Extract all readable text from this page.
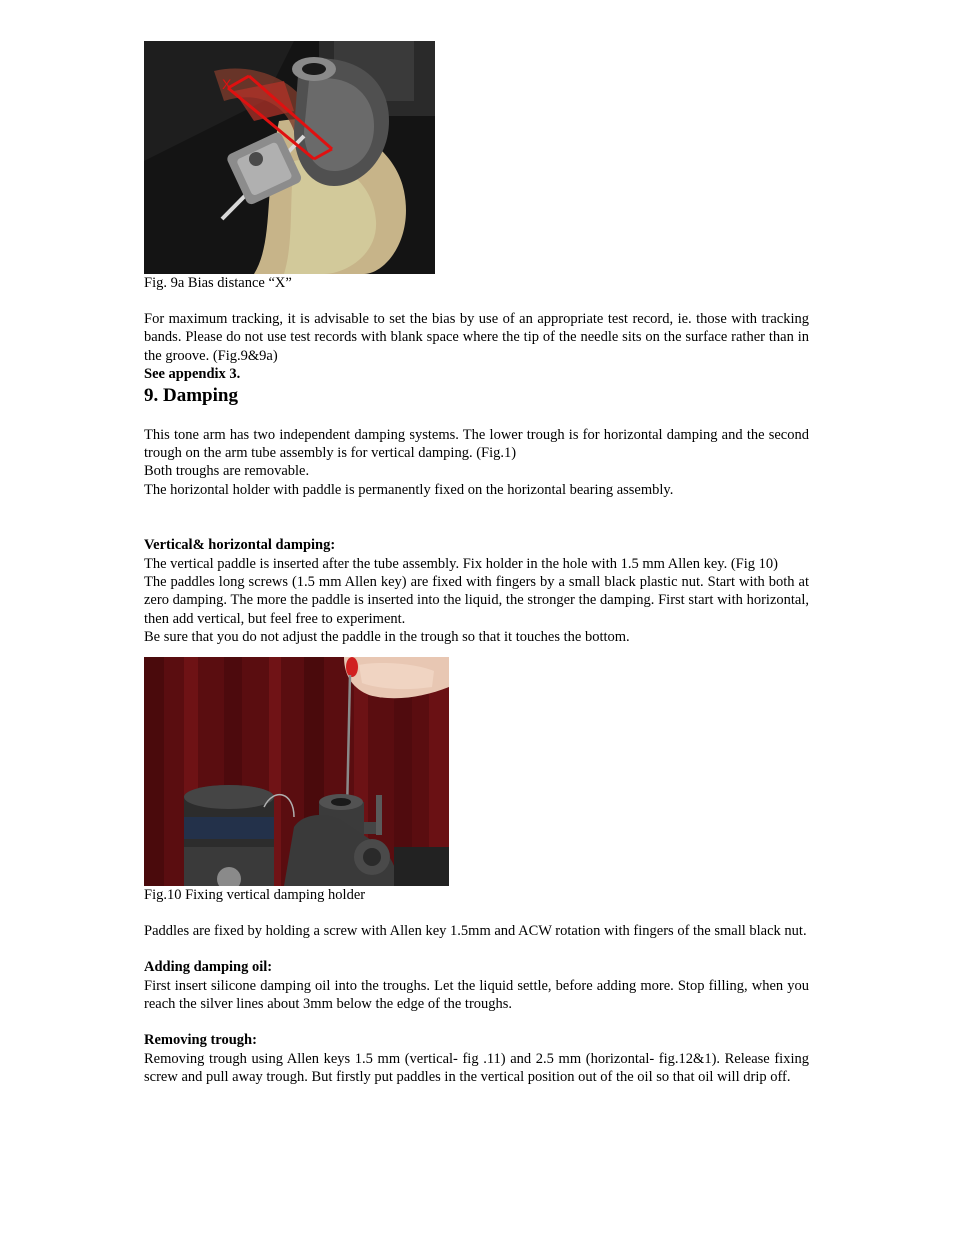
X

Fig. 9a Bias distance “X”

For maximum tracking, it is advisable to set the bias by use of an appropriate test record, ie. those with tracking bands. Please do not use test records with blank space where the tip of the needle sits on the surface rather than in the groove. (Fig.9&9a)

See appendix 3.

9. Damping

This tone arm has two independent damping systems. The lower trough is for horizontal damping and the second trough on the arm tube assembly is for vertical damping. (Fig.1)

Both troughs are removable.

The horizontal holder with paddle is permanently fixed on the horizontal bearing assembly.

Vertical& horizontal damping:

The vertical paddle is inserted after the tube assembly. Fix holder in the hole with 1.5 mm Allen key. (Fig 10)

The paddles long screws (1.5 mm Allen key) are fixed with fingers by a small black plastic nut. Start with both at zero damping. The more the paddle is inserted into the liquid, the stronger the damping. First start with horizontal, then add vertical, but feel free to experiment.

Be sure that you do not adjust the paddle in the trough so that it touches the bottom.

Fig.10 Fixing vertical damping holder

Paddles are fixed by holding a screw with Allen key 1.5mm and ACW rotation with fingers of the small black nut.

Adding damping oil:

First insert silicone damping oil into the troughs. Let the liquid settle, before adding more. Stop filling, when you reach the silver lines about 3mm below the edge of the troughs.

Removing trough:

Removing trough using Allen keys 1.5 mm (vertical- fig .11) and 2.5 mm (horizontal- fig.12&1). Release fixing screw and pull away trough. But firstly put paddles in the vertical position out of the oil so that oil will drip off.
